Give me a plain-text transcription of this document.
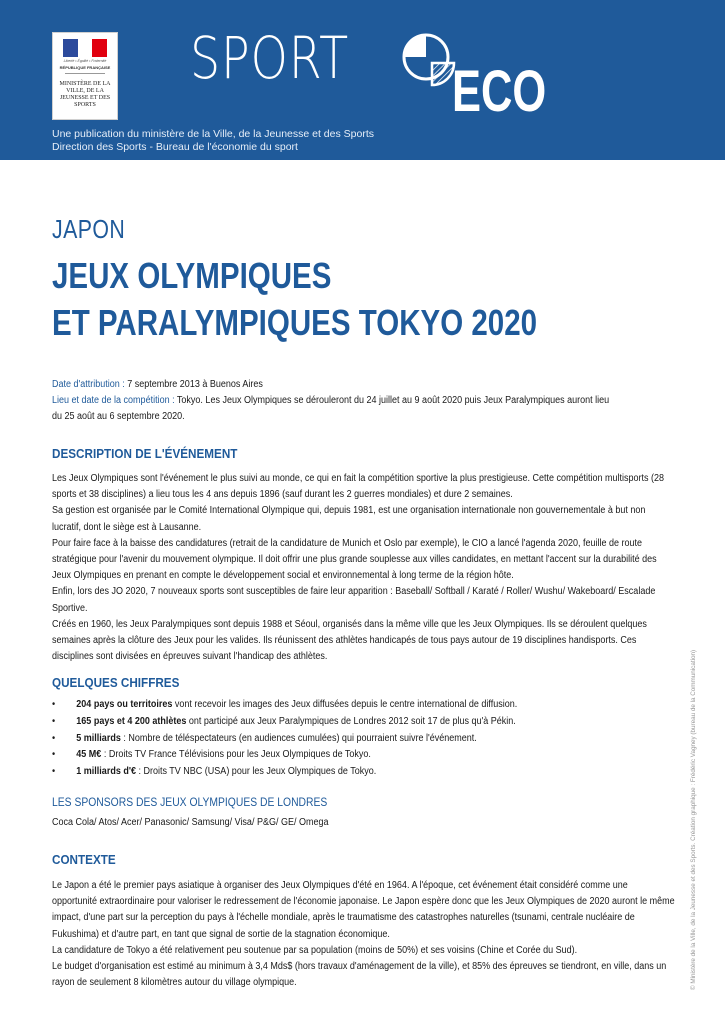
Liberté • Égalité • Fraternité
RÉPUBLIQUE FRANÇAISE
MINISTÈRE DE LA VILLE, DE LA JEUNESSE ET DES SPORTS
SPORT ECO
Une publication du ministère de la Ville, de la Jeunesse et des Sports
Direction des Sports - Bureau de l'économie du sport
JAPON
JEUX OLYMPIQUES
ET PARALYMPIQUES TOKYO 2020
Date d'attribution : 7 septembre 2013 à Buenos Aires
Lieu et date de la compétition : Tokyo. Les Jeux Olympiques se dérouleront du 24 juillet au 9 août 2020 puis Jeux Paralympiques auront lieu du 25 août au 6 septembre 2020.
DESCRIPTION DE L'ÉVÉNEMENT

Les Jeux Olympiques sont l'événement le plus suivi au monde, ce qui en fait la compétition sportive la plus prestigieuse. Cette compétition multisports (28 sports et 38 disciplines) a lieu tous les 4 ans depuis 1896 (sauf durant les 2 guerres mondiales) et dure 2 semaines.

Sa gestion est organisée par le Comité International Olympique qui, depuis 1981, est une organisation internationale non gouvernementale à but non lucratif, dont le siège est à Lausanne.

Pour faire face à la baisse des candidatures (retrait de la candidature de Munich et Oslo par exemple), le CIO a lancé l'agenda 2020, feuille de route stratégique pour l'avenir du mouvement olympique. Il doit offrir une plus grande souplesse aux villes candidates, en mettant l'accent sur la durabilité des Jeux Olympiques en prenant en compte le développement social et environnemental à long terme de la région hôte.

Enfin, lors des JO 2020, 7 nouveaux sports sont susceptibles de faire leur apparition : Baseball/ Softball / Karaté / Roller/ Wushu/ Wakeboard/ Escalade Sportive.

Créés en 1960, les Jeux Paralympiques sont depuis 1988 et Séoul, organisés dans la même ville que les Jeux Olympiques. Ils se déroulent quelques semaines après la clôture des Jeux pour les valides. Ils réunissent des athlètes handicapés de tous pays autour de 19 disciplines handisports. Ces disciplines sont divisées en épreuves suivant l'handicap des athlètes.

QUELQUES CHIFFRES
• 204 pays ou territoires vont recevoir les images des Jeux diffusées depuis le centre international de diffusion.
• 165 pays et 4 200 athlètes ont participé aux Jeux Paralympiques de Londres 2012 soit 17 de plus qu'à Pékin.
• 5 milliards : Nombre de téléspectateurs (en audiences cumulées) qui pourraient suivre l'événement.
• 45 M€ : Droits TV France Télévisions pour les Jeux Olympiques de Tokyo.
• 1 milliards d'€ : Droits TV NBC (USA) pour les Jeux Olympiques de Tokyo.
LES SPONSORS DES JEUX OLYMPIQUES DE LONDRES
Coca Cola/ Atos/ Acer/ Panasonic/ Samsung/ Visa/ P&G/ GE/ Omega
CONTEXTE

Le Japon a été le premier pays asiatique à organiser des Jeux Olympiques d'été en 1964. A l'époque, cet événement était considéré comme une opportunité extraordinaire pour valoriser le redressement de l'économie japonaise. Le Japon espère donc que les Jeux Olympiques de 2020 auront le même impact, d'une part sur la perception du pays à l'échelle mondiale, après le traumatisme des catastrophes naturelles (tsunami, centrale nucléaire de Fukushima) et d'autre part, en tant que signal de sortie de la stagnation économique.

La candidature de Tokyo a été relativement peu soutenue par sa population (moins de 50%) et ses voisins (Chine et Corée du Sud).

Le budget d'organisation est estimé au minimum à 3,4 Mds$ (hors travaux d'aménagement de la ville), et 85% des épreuves se tiendront, en ville, dans un rayon de seulement 8 kilomètres autour du village olympique.	© Ministère de la Ville, de la Jeunesse et des Sports. Création graphique : Frédéric Vagney (bureau de la Communication)
